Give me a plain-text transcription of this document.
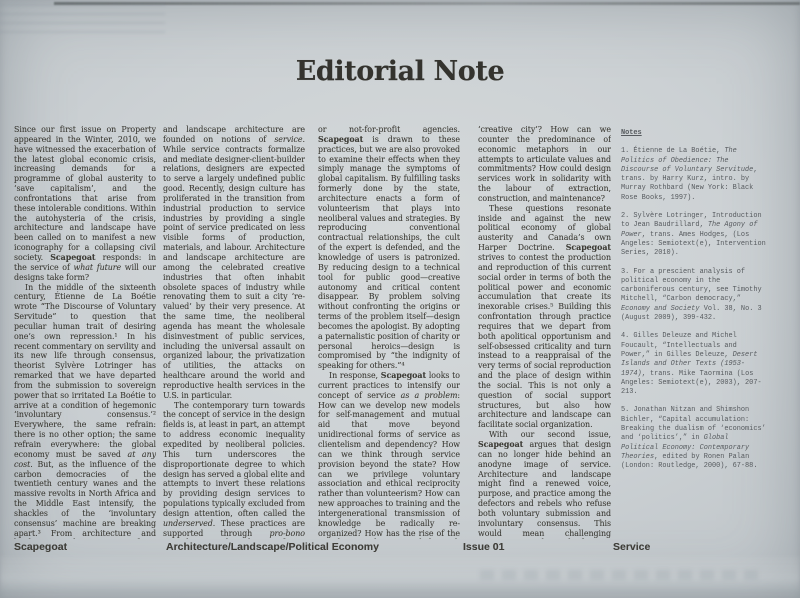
Editorial Note

Since our first issue on Property appeared in the Winter, 2010, we have witnessed the exacerbation of the latest global economic crisis, increasing demands for a programme of global austerity to ‘save capitalism’, and the confrontations that arise from these intolerable conditions. Within the autohysteria of the crisis, architecture and landscape have been called on to manifest a new iconography for a collapsing civil society. Scapegoat responds: in the service of what future will our designs take form?

In the middle of the sixteenth century, Étienne de La Boétie wrote “The Discourse of Voluntary Servitude” to question that peculiar human trait of desiring one’s own repression.¹ In his recent commentary on servility and its new life through consensus, theorist Sylvère Lotringer has remarked that we have departed from the submission to sovereign power that so irritated La Boétie to arrive at a condition of hegemonic ‘involuntary consensus.’² Everywhere, the same refrain: there is no other option; the same refrain everywhere: the global economy must be saved at any cost. But, as the influence of the carbon democracies of the twentieth century wanes and the massive revolts in North Africa and the Middle East intensify, the shackles of the ‘involuntary consensus’ machine are breaking apart.³ From architecture and

and landscape architecture are founded on notions of service. While service contracts formalize and mediate designer-client-builder relations, designers are expected to serve a largely undefined public good. Recently, design culture has proliferated in the transition from industrial production to service industries by providing a single point of service predicated on less visible forms of production, materials, and labour. Architecture and landscape architecture are among the celebrated creative industries that often inhabit obsolete spaces of industry while renovating them to suit a city ‘re-valued’ by their very presence. At the same time, the neoliberal agenda has meant the wholesale disinvestment of public services, including the universal assault on organized labour, the privatization of utilities, the attacks on healthcare around the world and reproductive health services in the U.S. in particular.

The contemporary turn towards the concept of service in the design fields is, at least in part, an attempt to address economic inequality expedited by neoliberal policies. This turn underscores the disproportionate degree to which design has served a global elite and attempts to invert these relations by providing design services to populations typically excluded from design attention, often called the underserved. These practices are supported through pro-bono

or not-for-profit agencies. Scapegoat is drawn to these practices, but we are also provoked to examine their effects when they simply manage the symptoms of global capitalism. By fulfilling tasks formerly done by the state, architecture enacts a form of volunteerism that plays into neoliberal values and strategies. By reproducing conventional contractual relationships, the cult of the expert is defended, and the knowledge of users is patronized. By reducing design to a technical tool for public good—creative autonomy and critical content disappear. By problem solving without confronting the origins or terms of the problem itself—design becomes the apologist. By adopting a paternalistic position of charity or personal heroics—design is compromised by “the indignity of speaking for others.”⁴

In response, Scapegoat looks to current practices to intensify our concept of service as a problem: How can we develop new models for self-management and mutual aid that move beyond unidirectional forms of service as clientelism and dependency? How can we think through service provision beyond the state? How can we privilege voluntary association and ethical reciprocity rather than volunteerism? How can new approaches to training and the intergenerational transmission of knowledge be radically re-organized? How has the rise of the

‘creative city’? How can we counter the predominance of economic metaphors in our attempts to articulate values and commitments? How could design services work in solidarity with the labour of extraction, construction, and maintenance?

These questions resonate inside and against the new political economy of global austerity and Canada’s own Harper Doctrine. Scapegoat strives to contest the production and reproduction of this current social order in terms of both the political power and economic accumulation that create its inexorable crises.⁵ Building this confrontation through practice requires that we depart from both apolitical opportunism and self-obsessed criticality and turn instead to a reappraisal of the very terms of social reproduction and the place of design within the social. This is not only a question of social support structures, but also how architecture and landscape can facilitate social organization.

With our second issue, Scapegoat argues that design can no longer hide behind an anodyne image of service. Architecture and landscape might find a renewed voice, purpose, and practice among the defectors and rebels who refuse both voluntary submission and involuntary consensus. This would mean challenging

Notes

1. Étienne de La Boétie, The Politics of Obedience: The Discourse of Voluntary Servitude, trans. by Harry Kurz, intro. by Murray Rothbard (New York: Black Rose Books, 1997).

2. Sylvère Lotringer, Introduction to Jean Baudrillard, The Agony of Power, trans. Ames Hodges, (Los Angeles: Semiotext(e), Intervention Series, 2010).

3. For a prescient analysis of political economy in the carboniferous century, see Timothy Mitchell, “Carbon democracy,” Economy and Society Vol. 38, No. 3 (August 2009), 399-432.

4. Gilles Deleuze and Michel Foucault, “Intellectuals and Power,” in Gilles Deleuze, Desert Islands and Other Texts (1953-1974), trans. Mike Taormina (Los Angeles: Semiotext(e), 2003), 207-213.

5. Jonathan Nitzan and Shimshon Bichler, “Capital accumulation: Breaking the dualism of ‘economics’ and ‘politics’,” in Global Political Economy: Contemporary Theories, edited by Ronen Palan (London: Routledge, 2000), 67-88.

Scapegoat	Architecture/Landscape/Political Economy	Issue 01	Service
